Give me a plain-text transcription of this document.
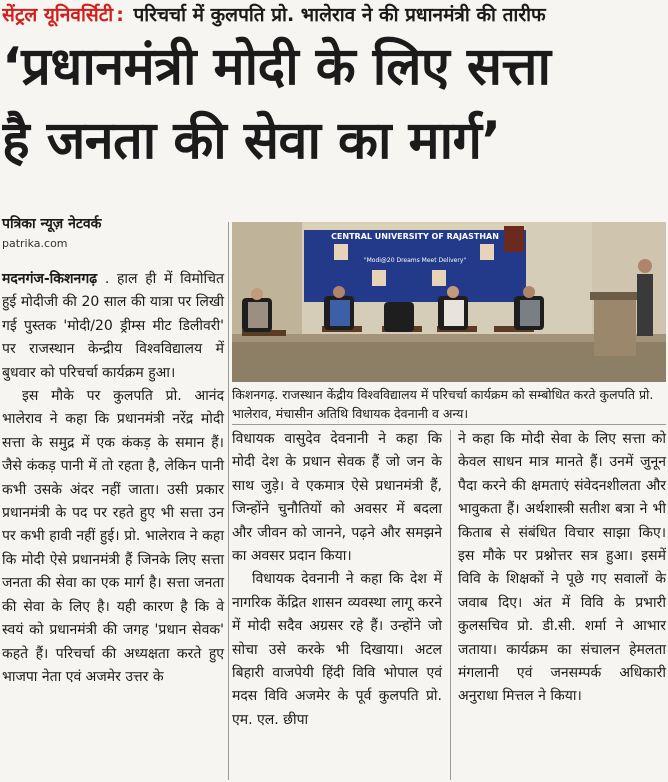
सेंट्रल यूनिवर्सिटी : परिचर्चा में कुलपति प्रो. भालेराव ने की प्रधानमंत्री की तारीफ
‘प्रधानमंत्री मोदी के लिए सत्ता
है जनता की सेवा का मार्ग’
पत्रिका न्यूज़ नेटवर्क
patrika.com
CENTRAL UNIVERSITY OF RAJASTHAN
"Modi@20 Dreams Meet Delivery"
किशनगढ़. राजस्थान केंद्रीय विश्वविद्यालय में परिचर्चा कार्यक्रम को सम्बोधित करते कुलपति प्रो. भालेराव, मंचासीन अतिथि विधायक देवनानी व अन्य।

मदनगंज-किशनगढ़ . हाल ही में विमोचित हुई मोदीजी की 20 साल की यात्रा पर लिखी गई पुस्तक 'मोदी/20 ड्रीम्स मीट डिलीवरी' पर राजस्थान केन्द्रीय विश्वविद्यालय में बुधवार को परिचर्चा कार्यक्रम हुआ।

इस मौके पर कुलपति प्रो. आनंद भालेराव ने कहा कि प्रधानमंत्री नरेंद्र मोदी सत्ता के समुद्र में एक कंकड़ के समान हैं। जैसे कंकड़ पानी में तो रहता है, लेकिन पानी कभी उसके अंदर नहीं जाता। उसी प्रकार प्रधानमंत्री के पद पर रहते हुए भी सत्ता उन पर कभी हावी नहीं हुई। प्रो. भालेराव ने कहा कि मोदी ऐसे प्रधानमंत्री हैं जिनके लिए सत्ता जनता की सेवा का एक मार्ग है। सत्ता जनता की सेवा के लिए है। यही कारण है कि वे स्वयं को प्रधानमंत्री की जगह 'प्रधान सेवक' कहते हैं। परिचर्चा की अध्यक्षता करते हुए भाजपा नेता एवं अजमेर उत्तर के

विधायक वासुदेव देवनानी ने कहा कि मोदी देश के प्रधान सेवक हैं जो जन के साथ जुड़े। वे एकमात्र ऐसे प्रधानमंत्री हैं, जिन्होंने चुनौतियों को अवसर में बदला और जीवन को जानने, पढ़ने और समझने का अवसर प्रदान किया।

विधायक देवनानी ने कहा कि देश में नागरिक केंद्रित शासन व्यवस्था लागू करने में मोदी सदैव अग्रसर रहे हैं। उन्होंने जो सोचा उसे करके भी दिखाया। अटल बिहारी वाजपेयी हिंदी विवि भोपाल एवं मदस विवि अजमेर के पूर्व कुलपति प्रो. एम. एल. छीपा

ने कहा कि मोदी सेवा के लिए सत्ता को केवल साधन मात्र मानते हैं। उनमें जुनून पैदा करने की क्षमताएं संवेदनशीलता और भावुकता हैं। अर्थशास्त्री सतीश बत्रा ने भी किताब से संबंधित विचार साझा किए। इस मौके पर प्रश्नोत्तर सत्र हुआ। इसमें विवि के शिक्षकों ने पूछे गए सवालों के जवाब दिए। अंत में विवि के प्रभारी कुलसचिव प्रो. डी.सी. शर्मा ने आभार जताया। कार्यक्रम का संचालन हेमलता मंगलानी एवं जनसम्पर्क अधिकारी अनुराधा मित्तल ने किया।
